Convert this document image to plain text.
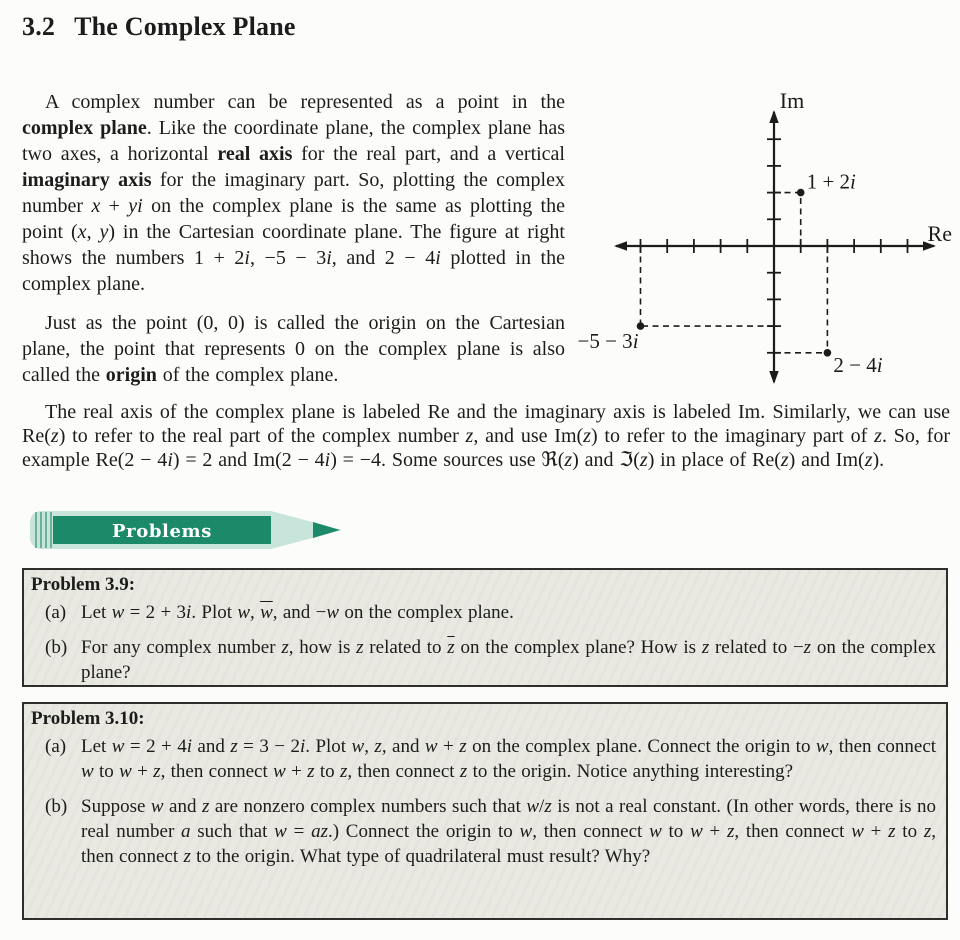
3.2 The Complex Plane

A complex number can be represented as a point in the complex plane. Like the coordinate plane, the complex plane has two axes, a horizontal real axis for the real part, and a vertical imaginary axis for the imaginary part. So, plotting the complex number x + yi on the complex plane is the same as plotting the point (x, y) in the Cartesian coordinate plane. The figure at right shows the numbers 1 + 2i, −5 − 3i, and 2 − 4i plotted in the complex plane.

Just as the point (0, 0) is called the origin on the Cartesian plane, the point that represents 0 on the complex plane is also called the origin of the complex plane.

1 + 2i
−5 − 3i
2 − 4i
Im
Re

The real axis of the complex plane is labeled Re and the imaginary axis is labeled Im. Similarly, we can use Re(z) to refer to the real part of the complex number z, and use Im(z) to refer to the imaginary part of z. So, for example Re(2 − 4i) = 2 and Im(2 − 4i) = −4. Some sources use ℜ(z) and ℑ(z) in place of Re(z) and Im(z).

Problems
Problem 3.9:
(a) Let w = 2 + 3i. Plot w, $\overline{w}$, and −w on the complex plane.
(b) For any complex number z, how is z related to $\overline{z}$ on the complex plane? How is z related to −z on the complex plane?
Problem 3.10:
(a) Let w = 2 + 4i and z = 3 − 2i. Plot w, z, and w + z on the complex plane. Connect the origin to w, then connect w to w + z, then connect w + z to z, then connect z to the origin. Notice anything interesting?
(b) Suppose w and z are nonzero complex numbers such that w/z is not a real constant. (In other words, there is no real number a such that w = az.) Connect the origin to w, then connect w to w + z, then connect w + z to z, then connect z to the origin. What type of quadrilateral must result? Why?
